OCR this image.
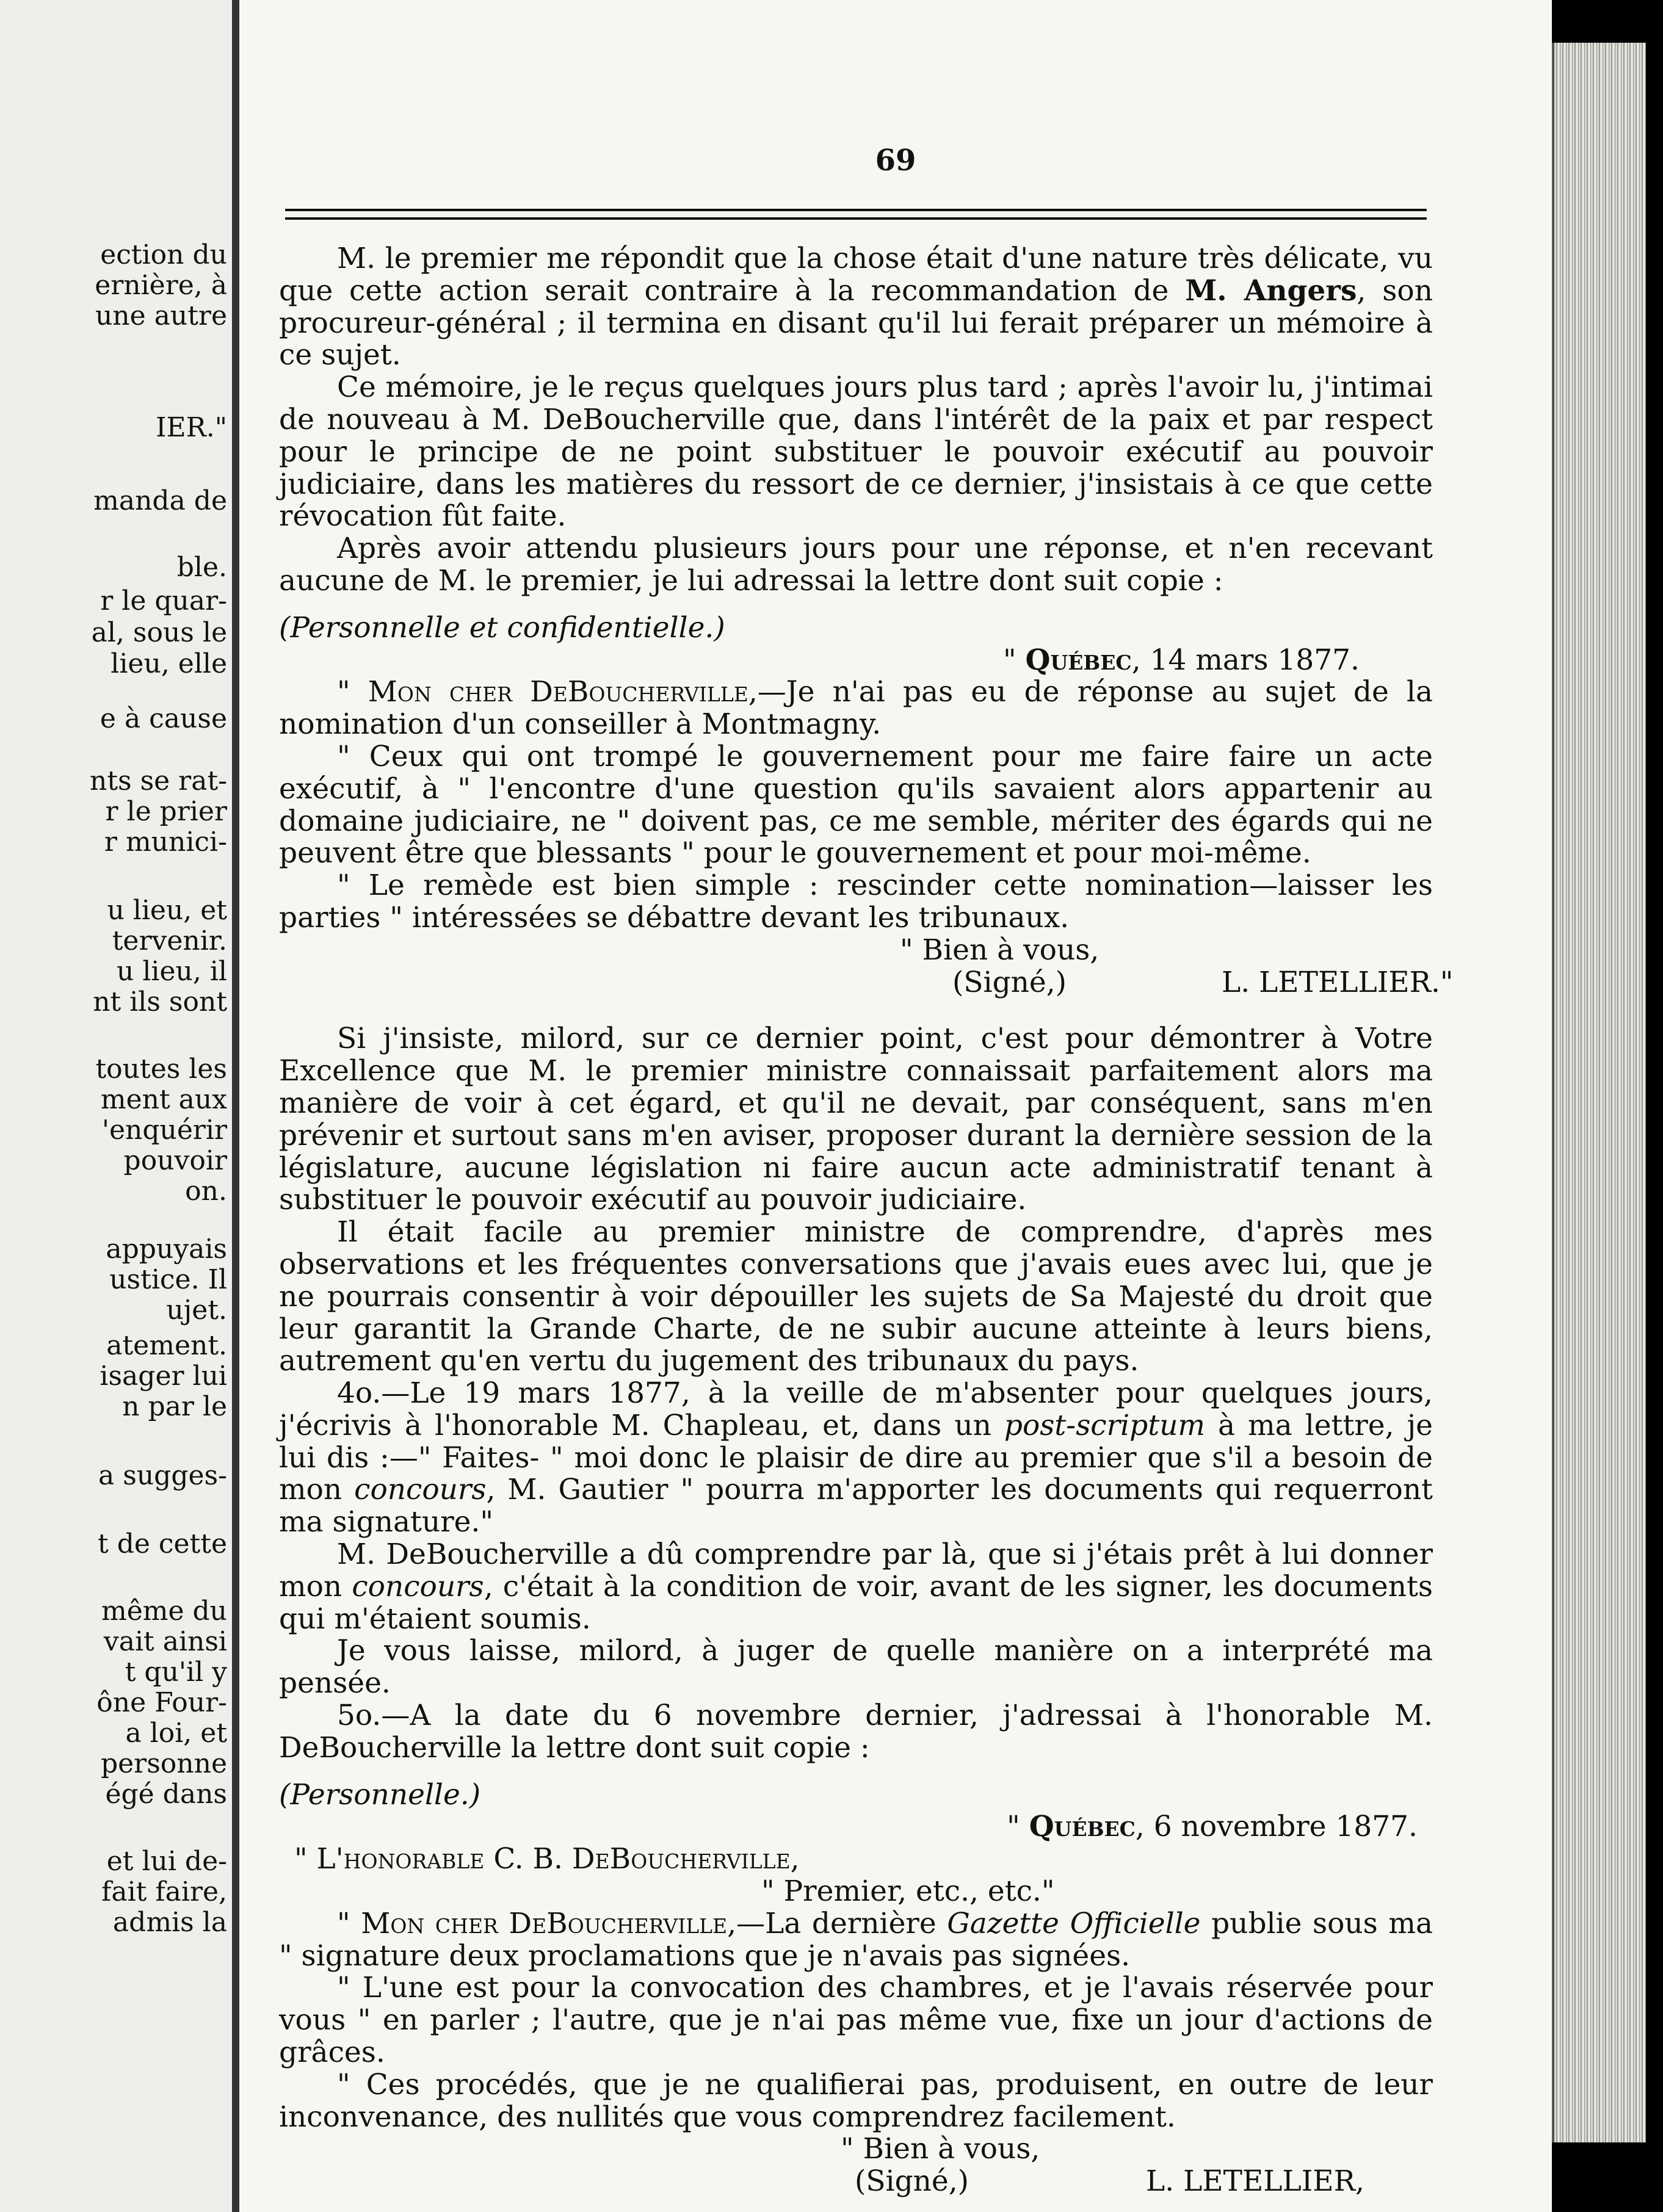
ection du
ernière, à
une autre
IER."
manda de
ble.
r le quar-
al, sous le
lieu, elle
e à cause
nts se rat-
r le prier
r munici-
u lieu, et
tervenir.
u lieu, il
nt ils sont
toutes les
ment aux
'enquérir
pouvoir
on.
appuyais
ustice. Il
ujet.
atement.
isager lui
n par le
a sugges-
t de cette
même du
vait ainsi
t qu'il y
ône Four-
a loi, et
personne
égé dans
et lui de-
fait faire,
admis la
69

M. le premier me répondit que la chose était d'une nature très délicate, vu que cette action serait contraire à la recommandation de M. Angers, son procureur-général ; il termina en disant qu'il lui ferait préparer un mémoire à ce sujet.

Ce mémoire, je le reçus quelques jours plus tard ; après l'avoir lu, j'intimai de nouveau à M. DeBoucherville que, dans l'intérêt de la paix et par respect pour le principe de ne point substituer le pouvoir exécutif au pouvoir judiciaire, dans les matières du ressort de ce dernier, j'insistais à ce que cette révocation fût faite.

Après avoir attendu plusieurs jours pour une réponse, et n'en recevant aucune de M. le premier, je lui adressai la lettre dont suit copie :

(Personnelle et confidentielle.)

" Québec, 14 mars 1877.

" Mon cher DeBoucherville,—Je n'ai pas eu de réponse au sujet de la nomination d'un conseiller à Montmagny.

" Ceux qui ont trompé le gouvernement pour me faire faire un acte exécutif, à " l'encontre d'une question qu'ils savaient alors appartenir au domaine judiciaire, ne " doivent pas, ce me semble, mériter des égards qui ne peuvent être que blessants " pour le gouvernement et pour moi-même.

" Le remède est bien simple : rescinder cette nomination—laisser les parties " intéressées se débattre devant les tribunaux.

" Bien à vous,
(Signé,)	L. LETELLIER."

Si j'insiste, milord, sur ce dernier point, c'est pour démontrer à Votre Excellence que M. le premier ministre connaissait parfaitement alors ma manière de voir à cet égard, et qu'il ne devait, par conséquent, sans m'en prévenir et surtout sans m'en aviser, proposer durant la dernière session de la législature, aucune législation ni faire aucun acte administratif tenant à substituer le pouvoir exécutif au pouvoir judiciaire.

Il était facile au premier ministre de comprendre, d'après mes observations et les fréquentes conversations que j'avais eues avec lui, que je ne pourrais consentir à voir dépouiller les sujets de Sa Majesté du droit que leur garantit la Grande Charte, de ne subir aucune atteinte à leurs biens, autrement qu'en vertu du jugement des tribunaux du pays.

4o.—Le 19 mars 1877, à la veille de m'absenter pour quelques jours, j'écrivis à l'honorable M. Chapleau, et, dans un post-scriptum à ma lettre, je lui dis :—" Faites- " moi donc le plaisir de dire au premier que s'il a besoin de mon concours, M. Gautier " pourra m'apporter les documents qui requerront ma signature."

M. DeBoucherville a dû comprendre par là, que si j'étais prêt à lui donner mon concours, c'était à la condition de voir, avant de les signer, les documents qui m'étaient soumis.

Je vous laisse, milord, à juger de quelle manière on a interprété ma pensée.

5o.—A la date du 6 novembre dernier, j'adressai à l'honorable M. DeBoucherville la lettre dont suit copie :

(Personnelle.)

" Québec, 6 novembre 1877.

" L'honorable C. B. DeBoucherville,

" Premier, etc., etc."

" Mon cher DeBoucherville,—La dernière Gazette Officielle publie sous ma " signature deux proclamations que je n'avais pas signées.

" L'une est pour la convocation des chambres, et je l'avais réservée pour vous " en parler ; l'autre, que je n'ai pas même vue, fixe un jour d'actions de grâces.

" Ces procédés, que je ne qualifierai pas, produisent, en outre de leur inconvenance, des nullités que vous comprendrez facilement.

" Bien à vous,
(Signé,)	L. LETELLIER,
